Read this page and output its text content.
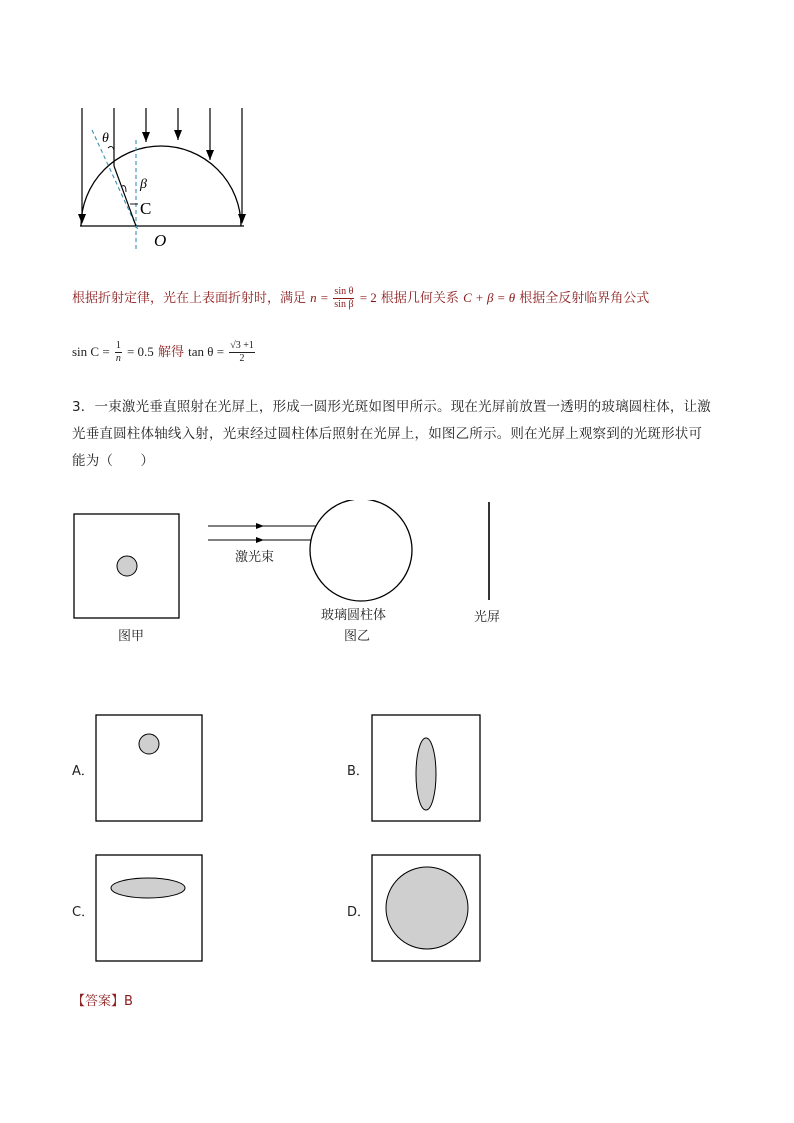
θ
β
C
O
根据折射定律，光在上表面折射时，满足 $n = \frac{\text{sin θ}}{\text{sin β}} = 2$ 根据几何关系 C + β = θ 根据全反射临界角公式
$\sin C = \frac{1}{n} = 0.5$ 解得 $\tan \theta = \frac{√3 +1}{2}$
3．一束激光垂直照射在光屏上，形成一圆形光斑如图甲所示。现在光屏前放置一透明的玻璃圆柱体，让激
光垂直圆柱体轴线入射，光束经过圆柱体后照射在光屏上，如图乙所示。则在光屏上观察到的光斑形状可
能为（　　）
图甲
激光束
玻璃圆柱体
图乙
光屏
A．	B．
C．	D．
【答案】B
